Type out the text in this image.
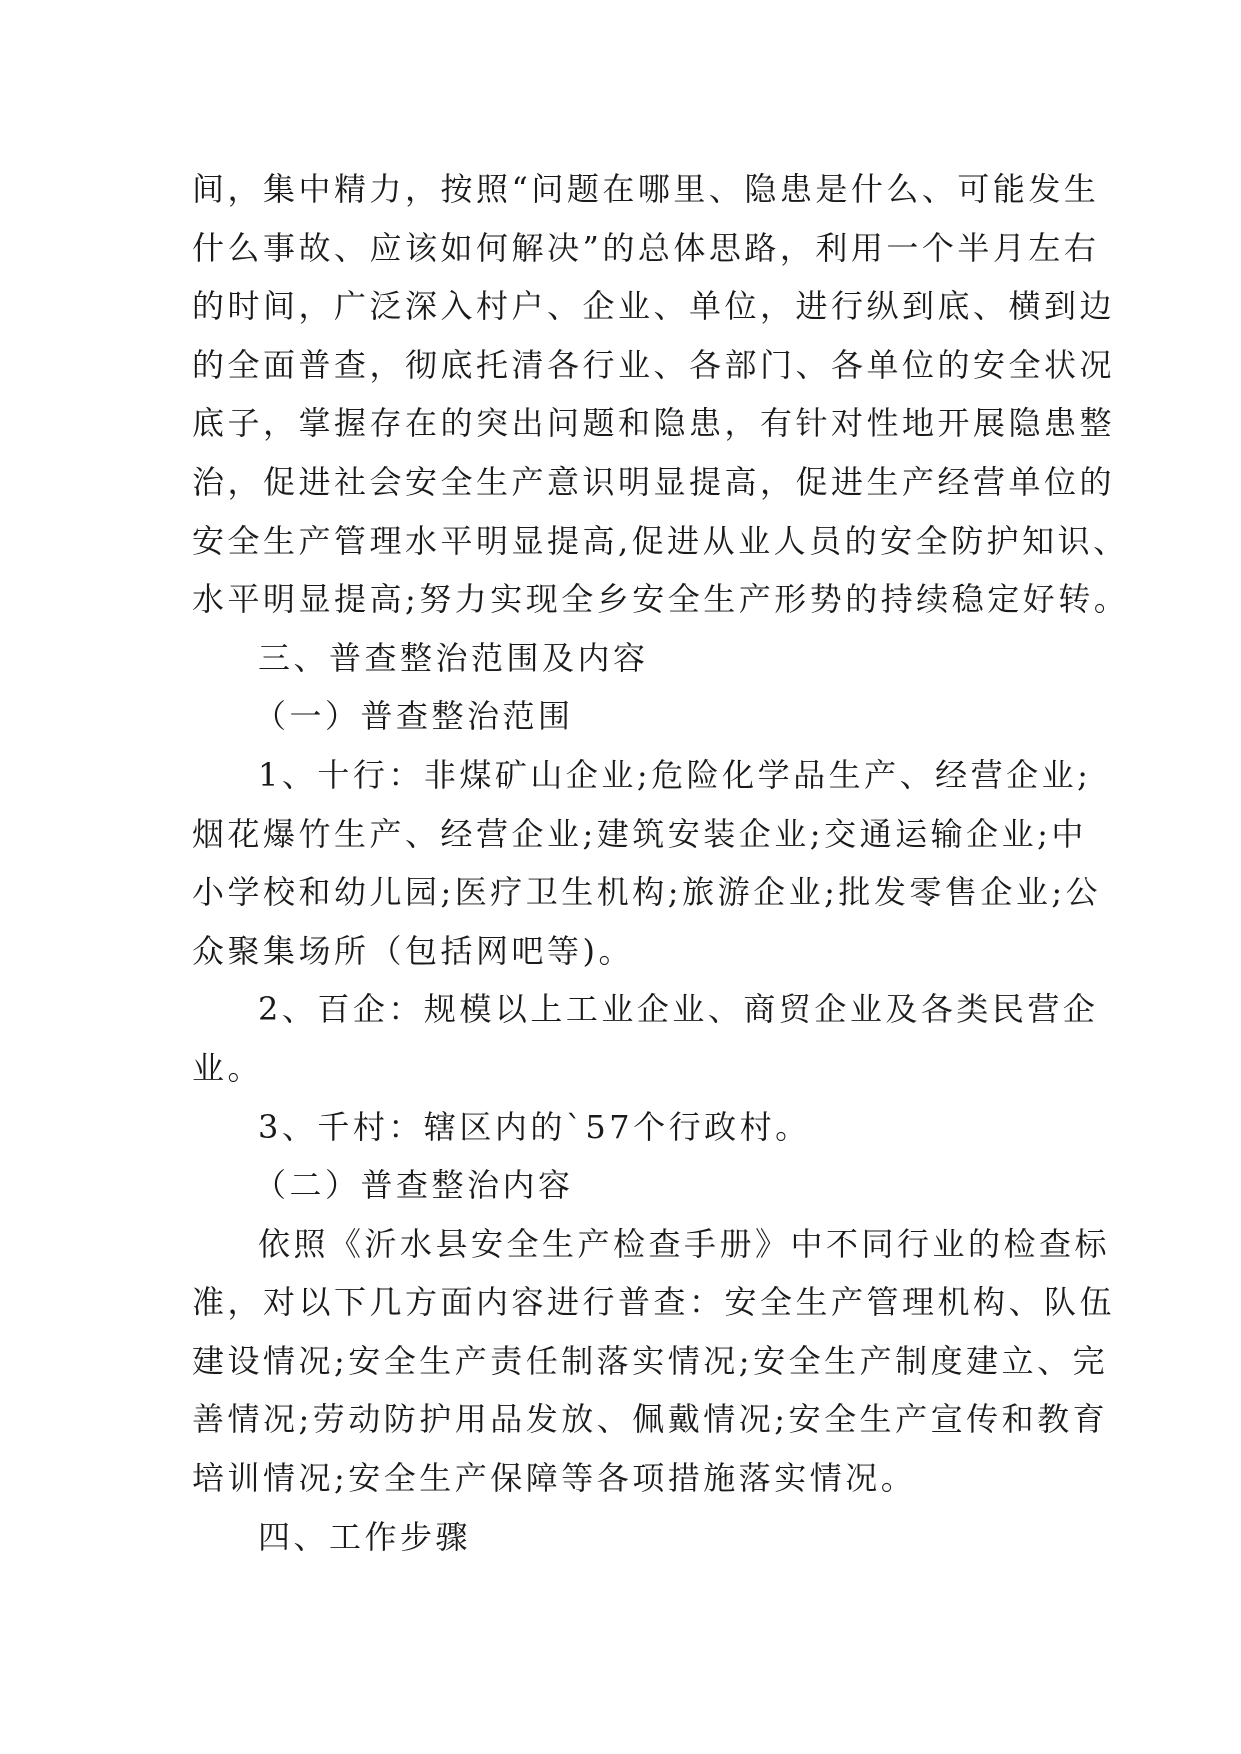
间，集中精力，按照“问题在哪里、隐患是什么、可能发生
什么事故、应该如何解决”的总体思路，利用一个半月左右
的时间，广泛深入村户、企业、单位，进行纵到底、横到边
的全面普查，彻底托清各行业、各部门、各单位的安全状况
底子，掌握存在的突出问题和隐患，有针对性地开展隐患整
治，促进社会安全生产意识明显提高，促进生产经营单位的
安全生产管理水平明显提高,促进从业人员的安全防护知识、
水平明显提高;努力实现全乡安全生产形势的持续稳定好转。
三、普查整治范围及内容
（一）普查整治范围
1、十行：非煤矿山企业;危险化学品生产、经营企业;
烟花爆竹生产、经营企业;建筑安装企业;交通运输企业;中
小学校和幼儿园;医疗卫生机构;旅游企业;批发零售企业;公
众聚集场所（包括网吧等)。
2、百企：规模以上工业企业、商贸企业及各类民营企
业。
3、千村：辖区内的`57个行政村。
（二）普查整治内容
依照《沂水县安全生产检查手册》中不同行业的检查标
准，对以下几方面内容进行普查：安全生产管理机构、队伍
建设情况;安全生产责任制落实情况;安全生产制度建立、完
善情况;劳动防护用品发放、佩戴情况;安全生产宣传和教育
培训情况;安全生产保障等各项措施落实情况。
四、工作步骤
